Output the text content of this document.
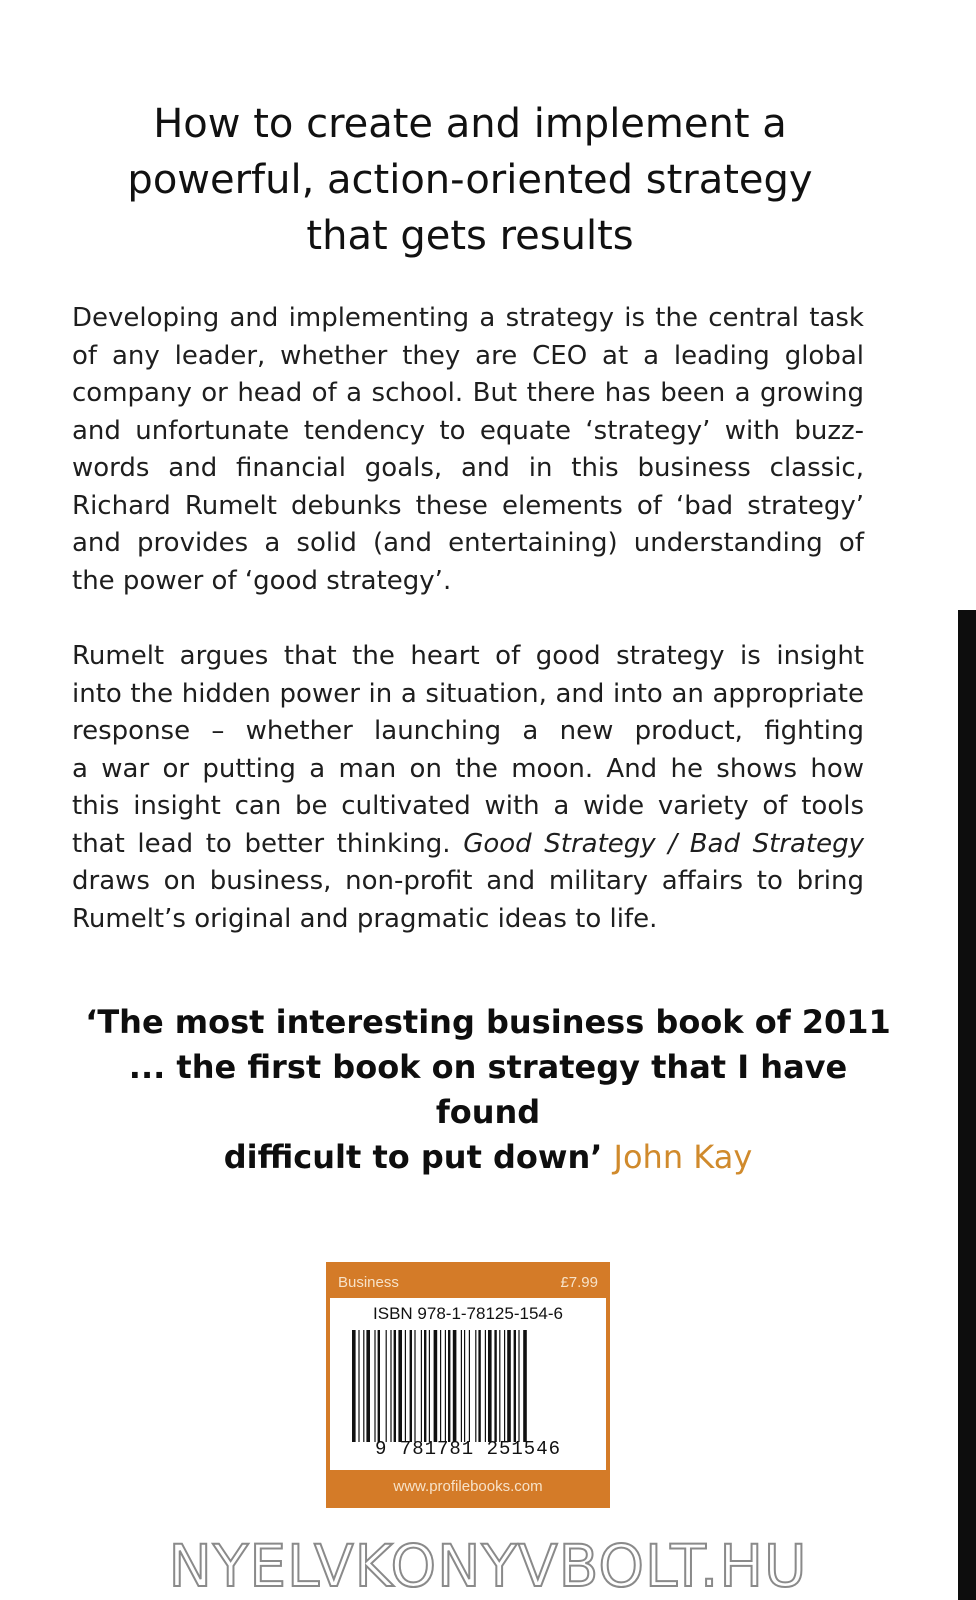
How to create and implement a
powerful, action-oriented strategy
that gets results
Developing and implementing a strategy is the central task
of any leader, whether they are CEO at a leading global
company or head of a school. But there has been a growing
and unfortunate tendency to equate ‘strategy’ with buzz-
words and financial goals, and in this business classic,
Richard Rumelt debunks these elements of ‘bad strategy’
and provides a solid (and entertaining) understanding of
the power of ‘good strategy’.
Rumelt argues that the heart of good strategy is insight
into the hidden power in a situation, and into an appropriate
response – whether launching a new product, fighting
a war or putting a man on the moon. And he shows how
this insight can be cultivated with a wide variety of tools
that lead to better thinking. Good Strategy / Bad Strategy
draws on business, non-profit and military affairs to bring
Rumelt’s original and pragmatic ideas to life.
‘The most interesting business book of 2011
... the first book on strategy that I have found
difficult to put down’ John Kay
Business	£7.99
ISBN 978-1-78125-154-6
9 781781 251546
www.profilebooks.com
NYELVKONYVBOLT.HU
